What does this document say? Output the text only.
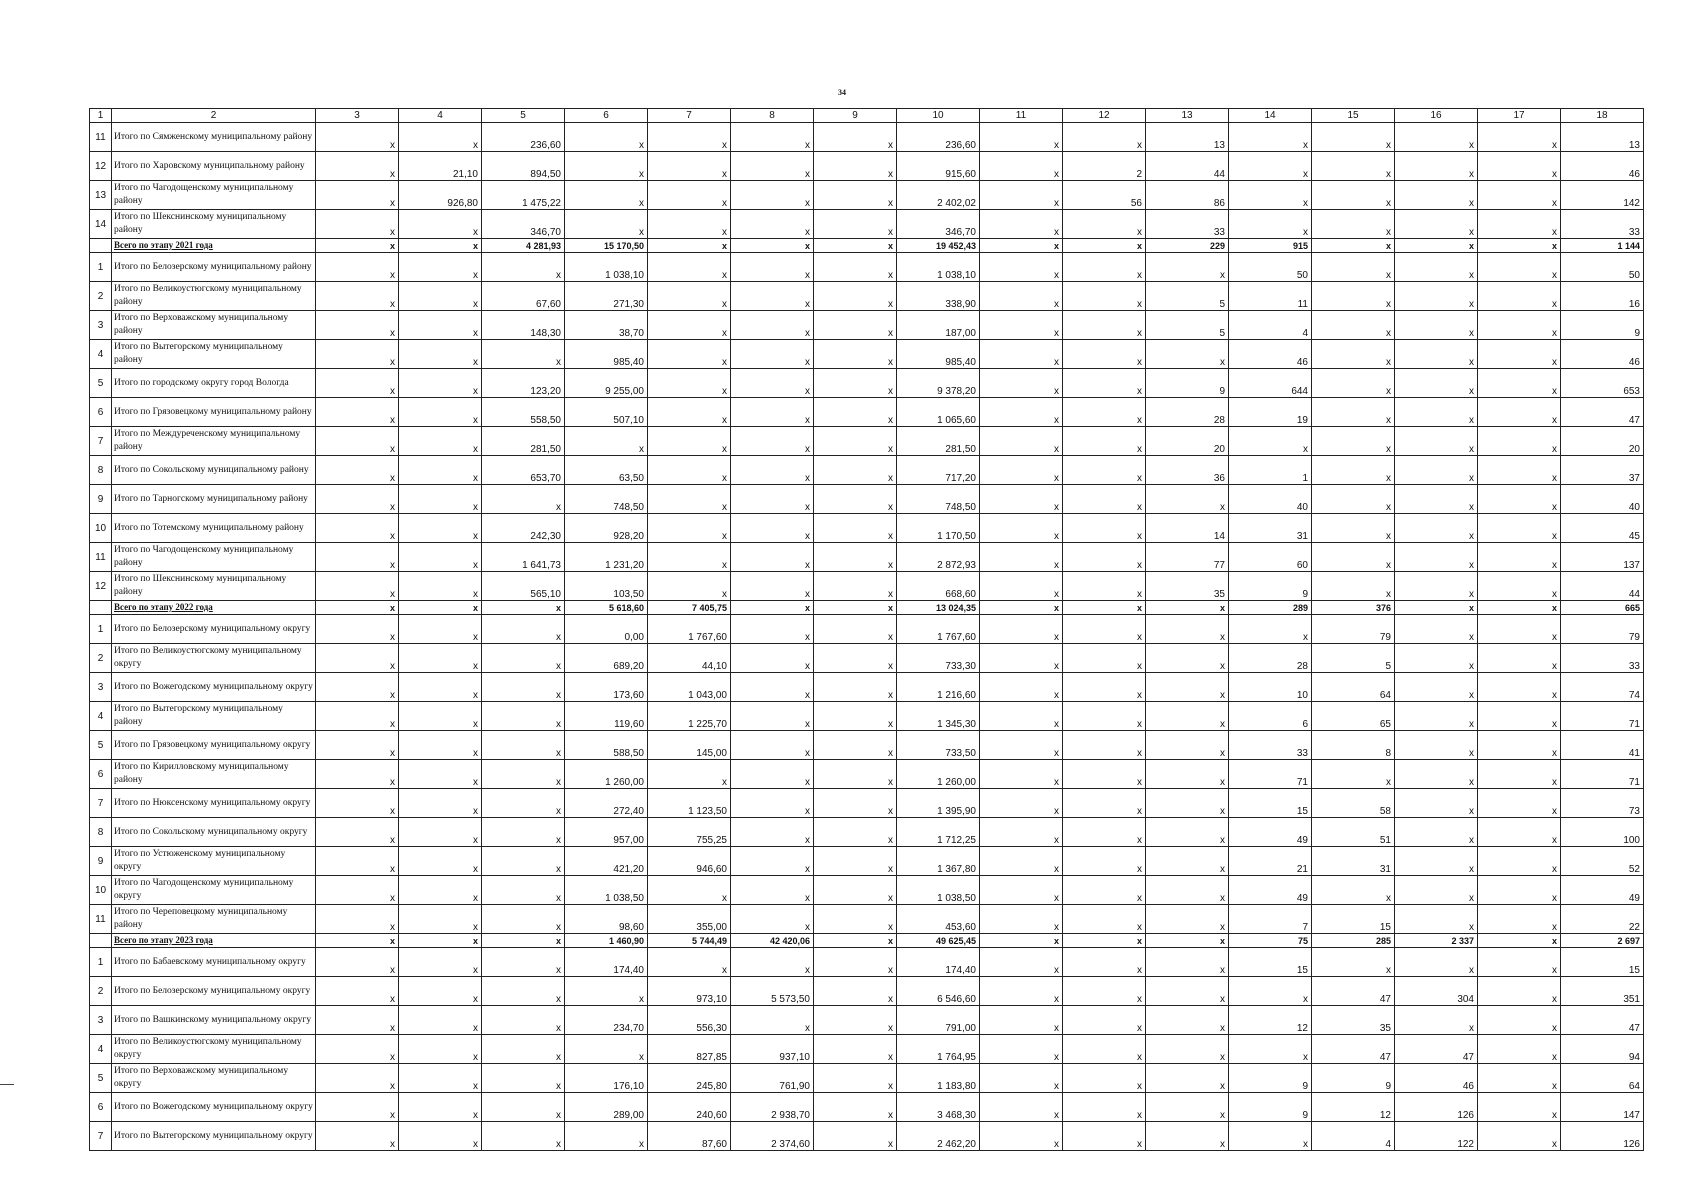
34
1	2	3	4	5	6	7	8	9	10	11	12	13	14	15	16	17	18
11	Итого по Сямженскому муниципальному району	x	x	236,60	x	x	x	x	236,60	x	x	13	x	x	x	x	13
12	Итого по Харовскому муниципальному району	x	21,10	894,50	x	x	x	x	915,60	x	2	44	x	x	x	x	46
13	Итого по Чагодощенскому муниципальному району	x	926,80	1 475,22	x	x	x	x	2 402,02	x	56	86	x	x	x	x	142
14	Итого по Шекснинскому муниципальному району	x	x	346,70	x	x	x	x	346,70	x	x	33	x	x	x	x	33
	Всего по этапу 2021 года	x	x	4 281,93	15 170,50	x	x	x	19 452,43	x	x	229	915	x	x	x	1 144
1	Итого по Белозерскому муниципальному району	x	x	x	1 038,10	x	x	x	1 038,10	x	x	x	50	x	x	x	50
2	Итого по Великоустюгскому муниципальному району	x	x	67,60	271,30	x	x	x	338,90	x	x	5	11	x	x	x	16
3	Итого по Верховажскому муниципальному району	x	x	148,30	38,70	x	x	x	187,00	x	x	5	4	x	x	x	9
4	Итого по Вытегорскому муниципальному району	x	x	x	985,40	x	x	x	985,40	x	x	x	46	x	x	x	46
5	Итого по городскому округу город Вологда	x	x	123,20	9 255,00	x	x	x	9 378,20	x	x	9	644	x	x	x	653
6	Итого по Грязовецкому муниципальному району	x	x	558,50	507,10	x	x	x	1 065,60	x	x	28	19	x	x	x	47
7	Итого по Междуреченскому муниципальному району	x	x	281,50	x	x	x	x	281,50	x	x	20	x	x	x	x	20
8	Итого по Сокольскому муниципальному району	x	x	653,70	63,50	x	x	x	717,20	x	x	36	1	x	x	x	37
9	Итого по Тарногскому муниципальному району	x	x	x	748,50	x	x	x	748,50	x	x	x	40	x	x	x	40
10	Итого по Тотемскому муниципальному району	x	x	242,30	928,20	x	x	x	1 170,50	x	x	14	31	x	x	x	45
11	Итого по Чагодощенскому муниципальному району	x	x	1 641,73	1 231,20	x	x	x	2 872,93	x	x	77	60	x	x	x	137
12	Итого по Шекснинскому муниципальному району	x	x	565,10	103,50	x	x	x	668,60	x	x	35	9	x	x	x	44
	Всего по этапу 2022 года	x	x	x	5 618,60	7 405,75	x	x	13 024,35	x	x	x	289	376	x	x	665
1	Итого по Белозерскому муниципальному округу	x	x	x	0,00	1 767,60	x	x	1 767,60	x	x	x	x	79	x	x	79
2	Итого по Великоустюгскому муниципальному округу	x	x	x	689,20	44,10	x	x	733,30	x	x	x	28	5	x	x	33
3	Итого по Вожегодскому муниципальному округу	x	x	x	173,60	1 043,00	x	x	1 216,60	x	x	x	10	64	x	x	74
4	Итого по Вытегорскому муниципальному району	x	x	x	119,60	1 225,70	x	x	1 345,30	x	x	x	6	65	x	x	71
5	Итого по Грязовецкому муниципальному округу	x	x	x	588,50	145,00	x	x	733,50	x	x	x	33	8	x	x	41
6	Итого по Кирилловскому муниципальному району	x	x	x	1 260,00	x	x	x	1 260,00	x	x	x	71	x	x	x	71
7	Итого по Нюксенскому муниципальному округу	x	x	x	272,40	1 123,50	x	x	1 395,90	x	x	x	15	58	x	x	73
8	Итого по Сокольскому муниципальному округу	x	x	x	957,00	755,25	x	x	1 712,25	x	x	x	49	51	x	x	100
9	Итого по Устюженскому муниципальному округу	x	x	x	421,20	946,60	x	x	1 367,80	x	x	x	21	31	x	x	52
10	Итого по Чагодощенскому муниципальному округу	x	x	x	1 038,50	x	x	x	1 038,50	x	x	x	49	x	x	x	49
11	Итого по Череповецкому муниципальному району	x	x	x	98,60	355,00	x	x	453,60	x	x	x	7	15	x	x	22
	Всего по этапу 2023 года	x	x	x	1 460,90	5 744,49	42 420,06	x	49 625,45	x	x	x	75	285	2 337	x	2 697
1	Итого по Бабаевскому муниципальному округу	x	x	x	174,40	x	x	x	174,40	x	x	x	15	x	x	x	15
2	Итого по Белозерскому муниципальному округу	x	x	x	x	973,10	5 573,50	x	6 546,60	x	x	x	x	47	304	x	351
3	Итого по Вашкинскому муниципальному округу	x	x	x	234,70	556,30	x	x	791,00	x	x	x	12	35	x	x	47
4	Итого по Великоустюгскому муниципальному округу	x	x	x	x	827,85	937,10	x	1 764,95	x	x	x	x	47	47	x	94
5	Итого по Верховажскому муниципальному округу	x	x	x	176,10	245,80	761,90	x	1 183,80	x	x	x	9	9	46	x	64
6	Итого по Вожегодскому муниципальному округу	x	x	x	289,00	240,60	2 938,70	x	3 468,30	x	x	x	9	12	126	x	147
7	Итого по Вытегорскому муниципальному округу	x	x	x	x	87,60	2 374,60	x	2 462,20	x	x	x	x	4	122	x	126
